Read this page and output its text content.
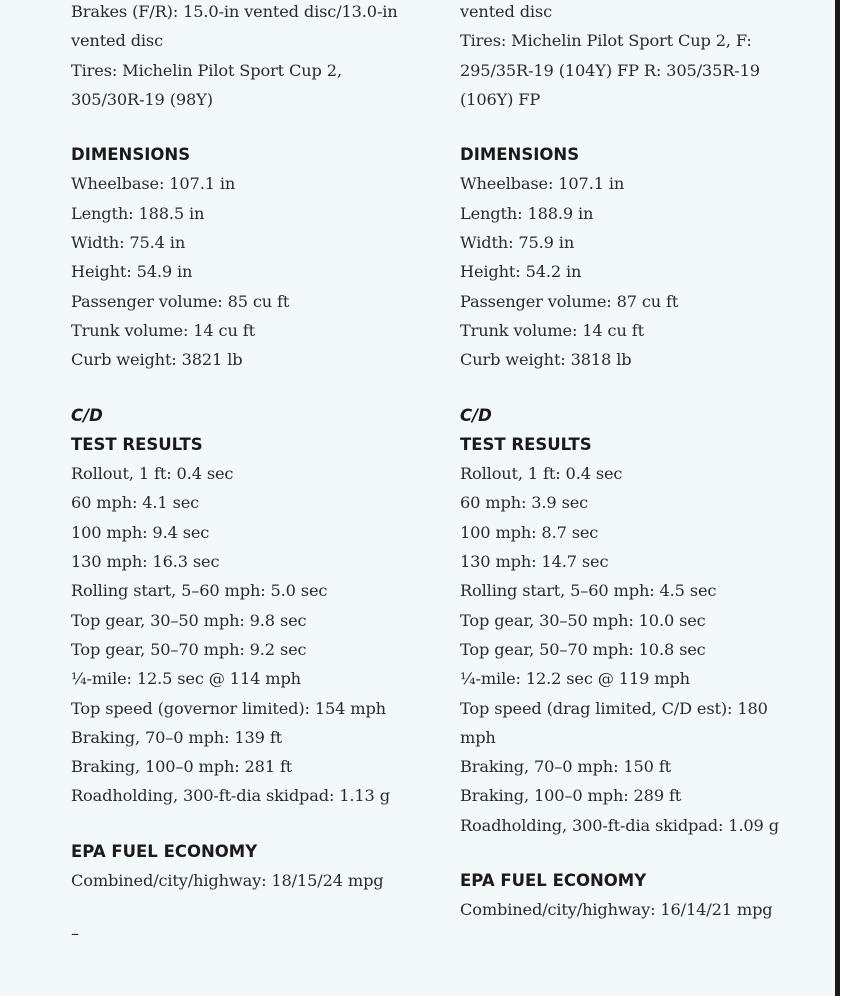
Brakes (F/R): 15.0-in vented disc/13.0-in
vented disc
Tires: Michelin Pilot Sport Cup 2,
305/30R-19 (98Y)
DIMENSIONS
Wheelbase: 107.1 in
Length: 188.5 in
Width: 75.4 in
Height: 54.9 in
Passenger volume: 85 cu ft
Trunk volume: 14 cu ft
Curb weight: 3821 lb
C/D
TEST RESULTS
Rollout, 1 ft: 0.4 sec
60 mph: 4.1 sec
100 mph: 9.4 sec
130 mph: 16.3 sec
Rolling start, 5–60 mph: 5.0 sec
Top gear, 30–50 mph: 9.8 sec
Top gear, 50–70 mph: 9.2 sec
¼-mile: 12.5 sec @ 114 mph
Top speed (governor limited): 154 mph
Braking, 70–0 mph: 139 ft
Braking, 100–0 mph: 281 ft
Roadholding, 300-ft-dia skidpad: 1.13 g
EPA FUEL ECONOMY
Combined/city/highway: 18/15/24 mpg
–
vented disc
Tires: Michelin Pilot Sport Cup 2, F:
295/35R-19 (104Y) FP R: 305/35R-19
(106Y) FP
DIMENSIONS
Wheelbase: 107.1 in
Length: 188.9 in
Width: 75.9 in
Height: 54.2 in
Passenger volume: 87 cu ft
Trunk volume: 14 cu ft
Curb weight: 3818 lb
C/D
TEST RESULTS
Rollout, 1 ft: 0.4 sec
60 mph: 3.9 sec
100 mph: 8.7 sec
130 mph: 14.7 sec
Rolling start, 5–60 mph: 4.5 sec
Top gear, 30–50 mph: 10.0 sec
Top gear, 50–70 mph: 10.8 sec
¼-mile: 12.2 sec @ 119 mph
Top speed (drag limited, C/D est): 180
mph
Braking, 70–0 mph: 150 ft
Braking, 100–0 mph: 289 ft
Roadholding, 300-ft-dia skidpad: 1.09 g
EPA FUEL ECONOMY
Combined/city/highway: 16/14/21 mpg
